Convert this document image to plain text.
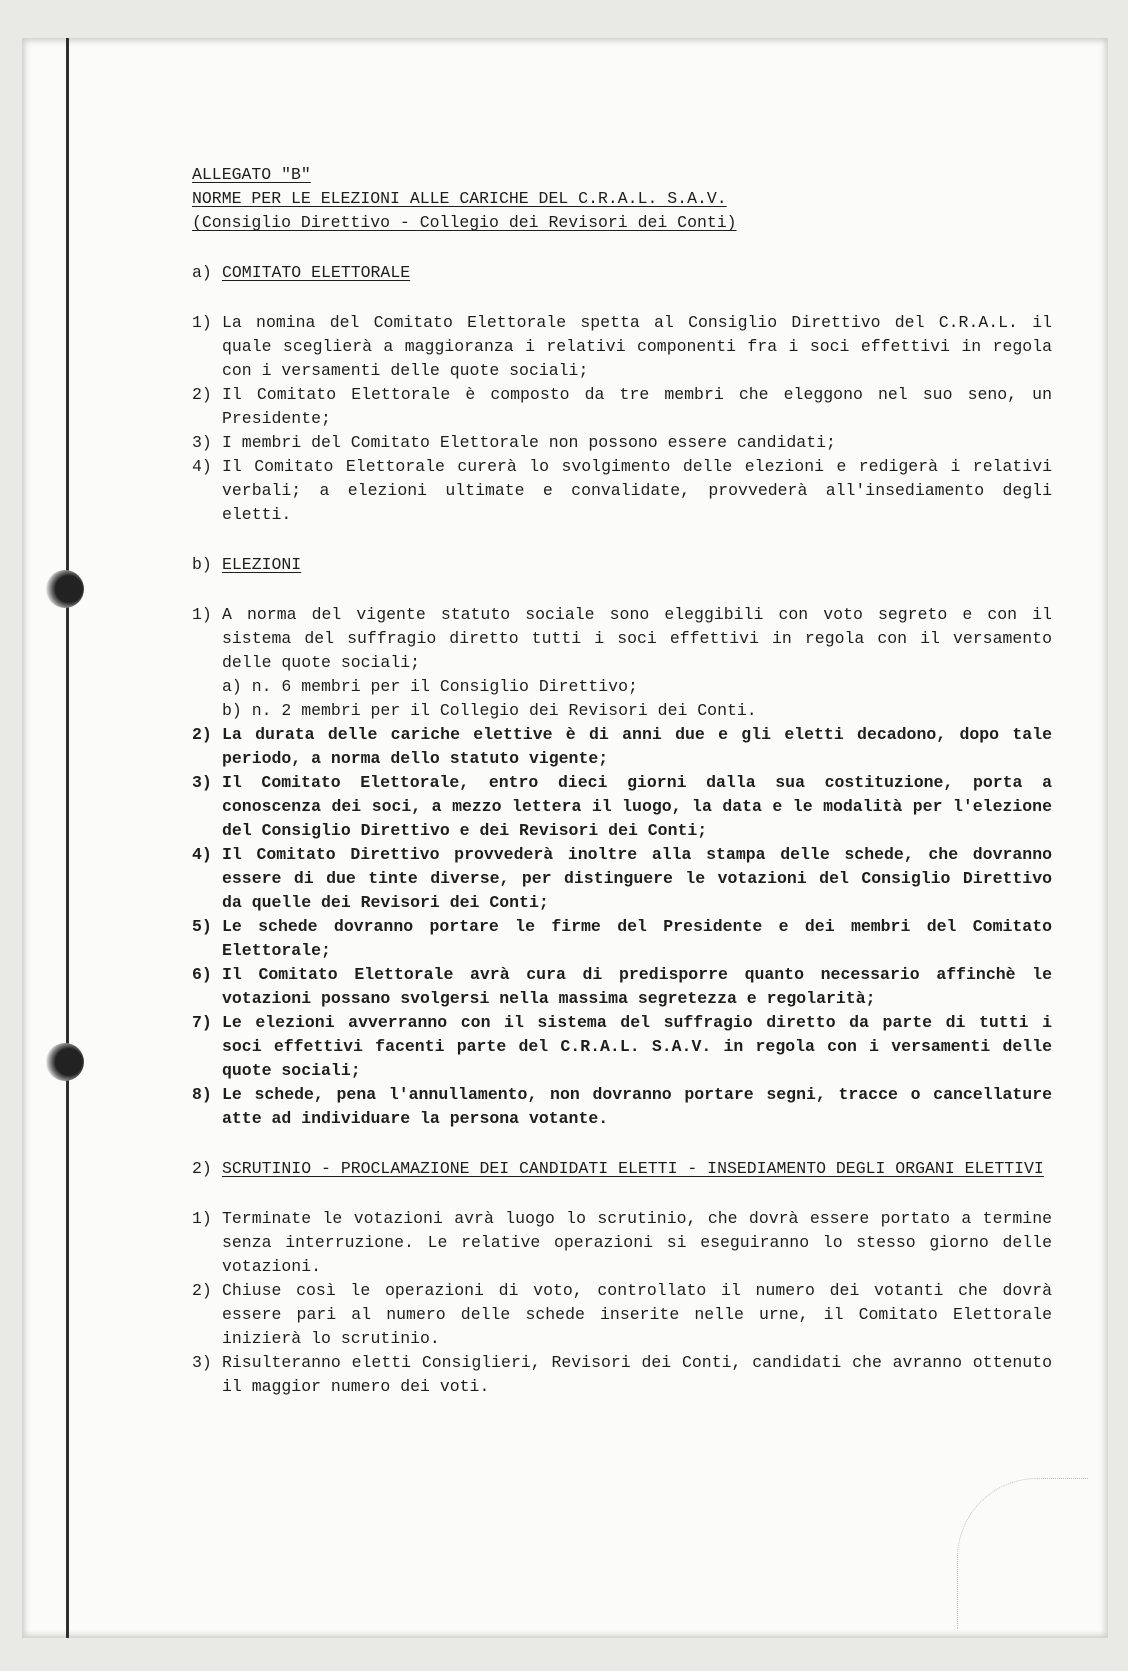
ALLEGATO "B"
NORME PER LE ELEZIONI ALLE CARICHE DEL C.R.A.L. S.A.V.
(Consiglio Direttivo - Collegio dei Revisori dei Conti)
a) COMITATO ELETTORALE
1) La nomina del Comitato Elettorale spetta al Consiglio Direttivo del C.R.A.L. il quale sceglierà a maggioranza i relativi componenti fra i soci effettivi in regola con i versamenti delle quote sociali;
2) Il Comitato Elettorale è composto da tre membri che eleggono nel suo seno, un Presidente;
3) I membri del Comitato Elettorale non possono essere candidati;
4) Il Comitato Elettorale curerà lo svolgimento delle elezioni e redigerà i relativi verbali; a elezioni ultimate e convalidate, provvederà all'insediamento degli eletti.
b) ELEZIONI
1) A norma del vigente statuto sociale sono eleggibili con voto segreto e con il sistema del suffragio diretto tutti i soci effettivi in regola con il versamento delle quote sociali;
a) n. 6 membri per il Consiglio Direttivo;
b) n. 2 membri per il Collegio dei Revisori dei Conti.
2) La durata delle cariche elettive è di anni due e gli eletti decadono, dopo tale periodo, a norma dello statuto vigente;
3) Il Comitato Elettorale, entro dieci giorni dalla sua costituzione, porta a conoscenza dei soci, a mezzo lettera il luogo, la data e le modalità per l'elezione del Consiglio Direttivo e dei Revisori dei Conti;
4) Il Comitato Direttivo provvederà inoltre alla stampa delle schede, che dovranno essere di due tinte diverse, per distinguere le votazioni del Consiglio Direttivo da quelle dei Revisori dei Conti;
5) Le schede dovranno portare le firme del Presidente e dei membri del Comitato Elettorale;
6) Il Comitato Elettorale avrà cura di predisporre quanto necessario affinchè le votazioni possano svolgersi nella massima segretezza e regolarità;
7) Le elezioni avverranno con il sistema del suffragio diretto da parte di tutti i soci effettivi facenti parte del C.R.A.L. S.A.V. in regola con i versamenti delle quote sociali;
8) Le schede, pena l'annullamento, non dovranno portare segni, tracce o cancellature atte ad individuare la persona votante.
2) SCRUTINIO - PROCLAMAZIONE DEI CANDIDATI ELETTI - INSEDIAMENTO DEGLI ORGANI ELETTIVI
1) Terminate le votazioni avrà luogo lo scrutinio, che dovrà essere portato a termine senza interruzione. Le relative operazioni si eseguiranno lo stesso giorno delle votazioni.
2) Chiuse così le operazioni di voto, controllato il numero dei votanti che dovrà essere pari al numero delle schede inserite nelle urne, il Comitato Elettorale inizierà lo scrutinio.
3) Risulteranno eletti Consiglieri, Revisori dei Conti, candidati che avranno ottenuto il maggior numero dei voti.
